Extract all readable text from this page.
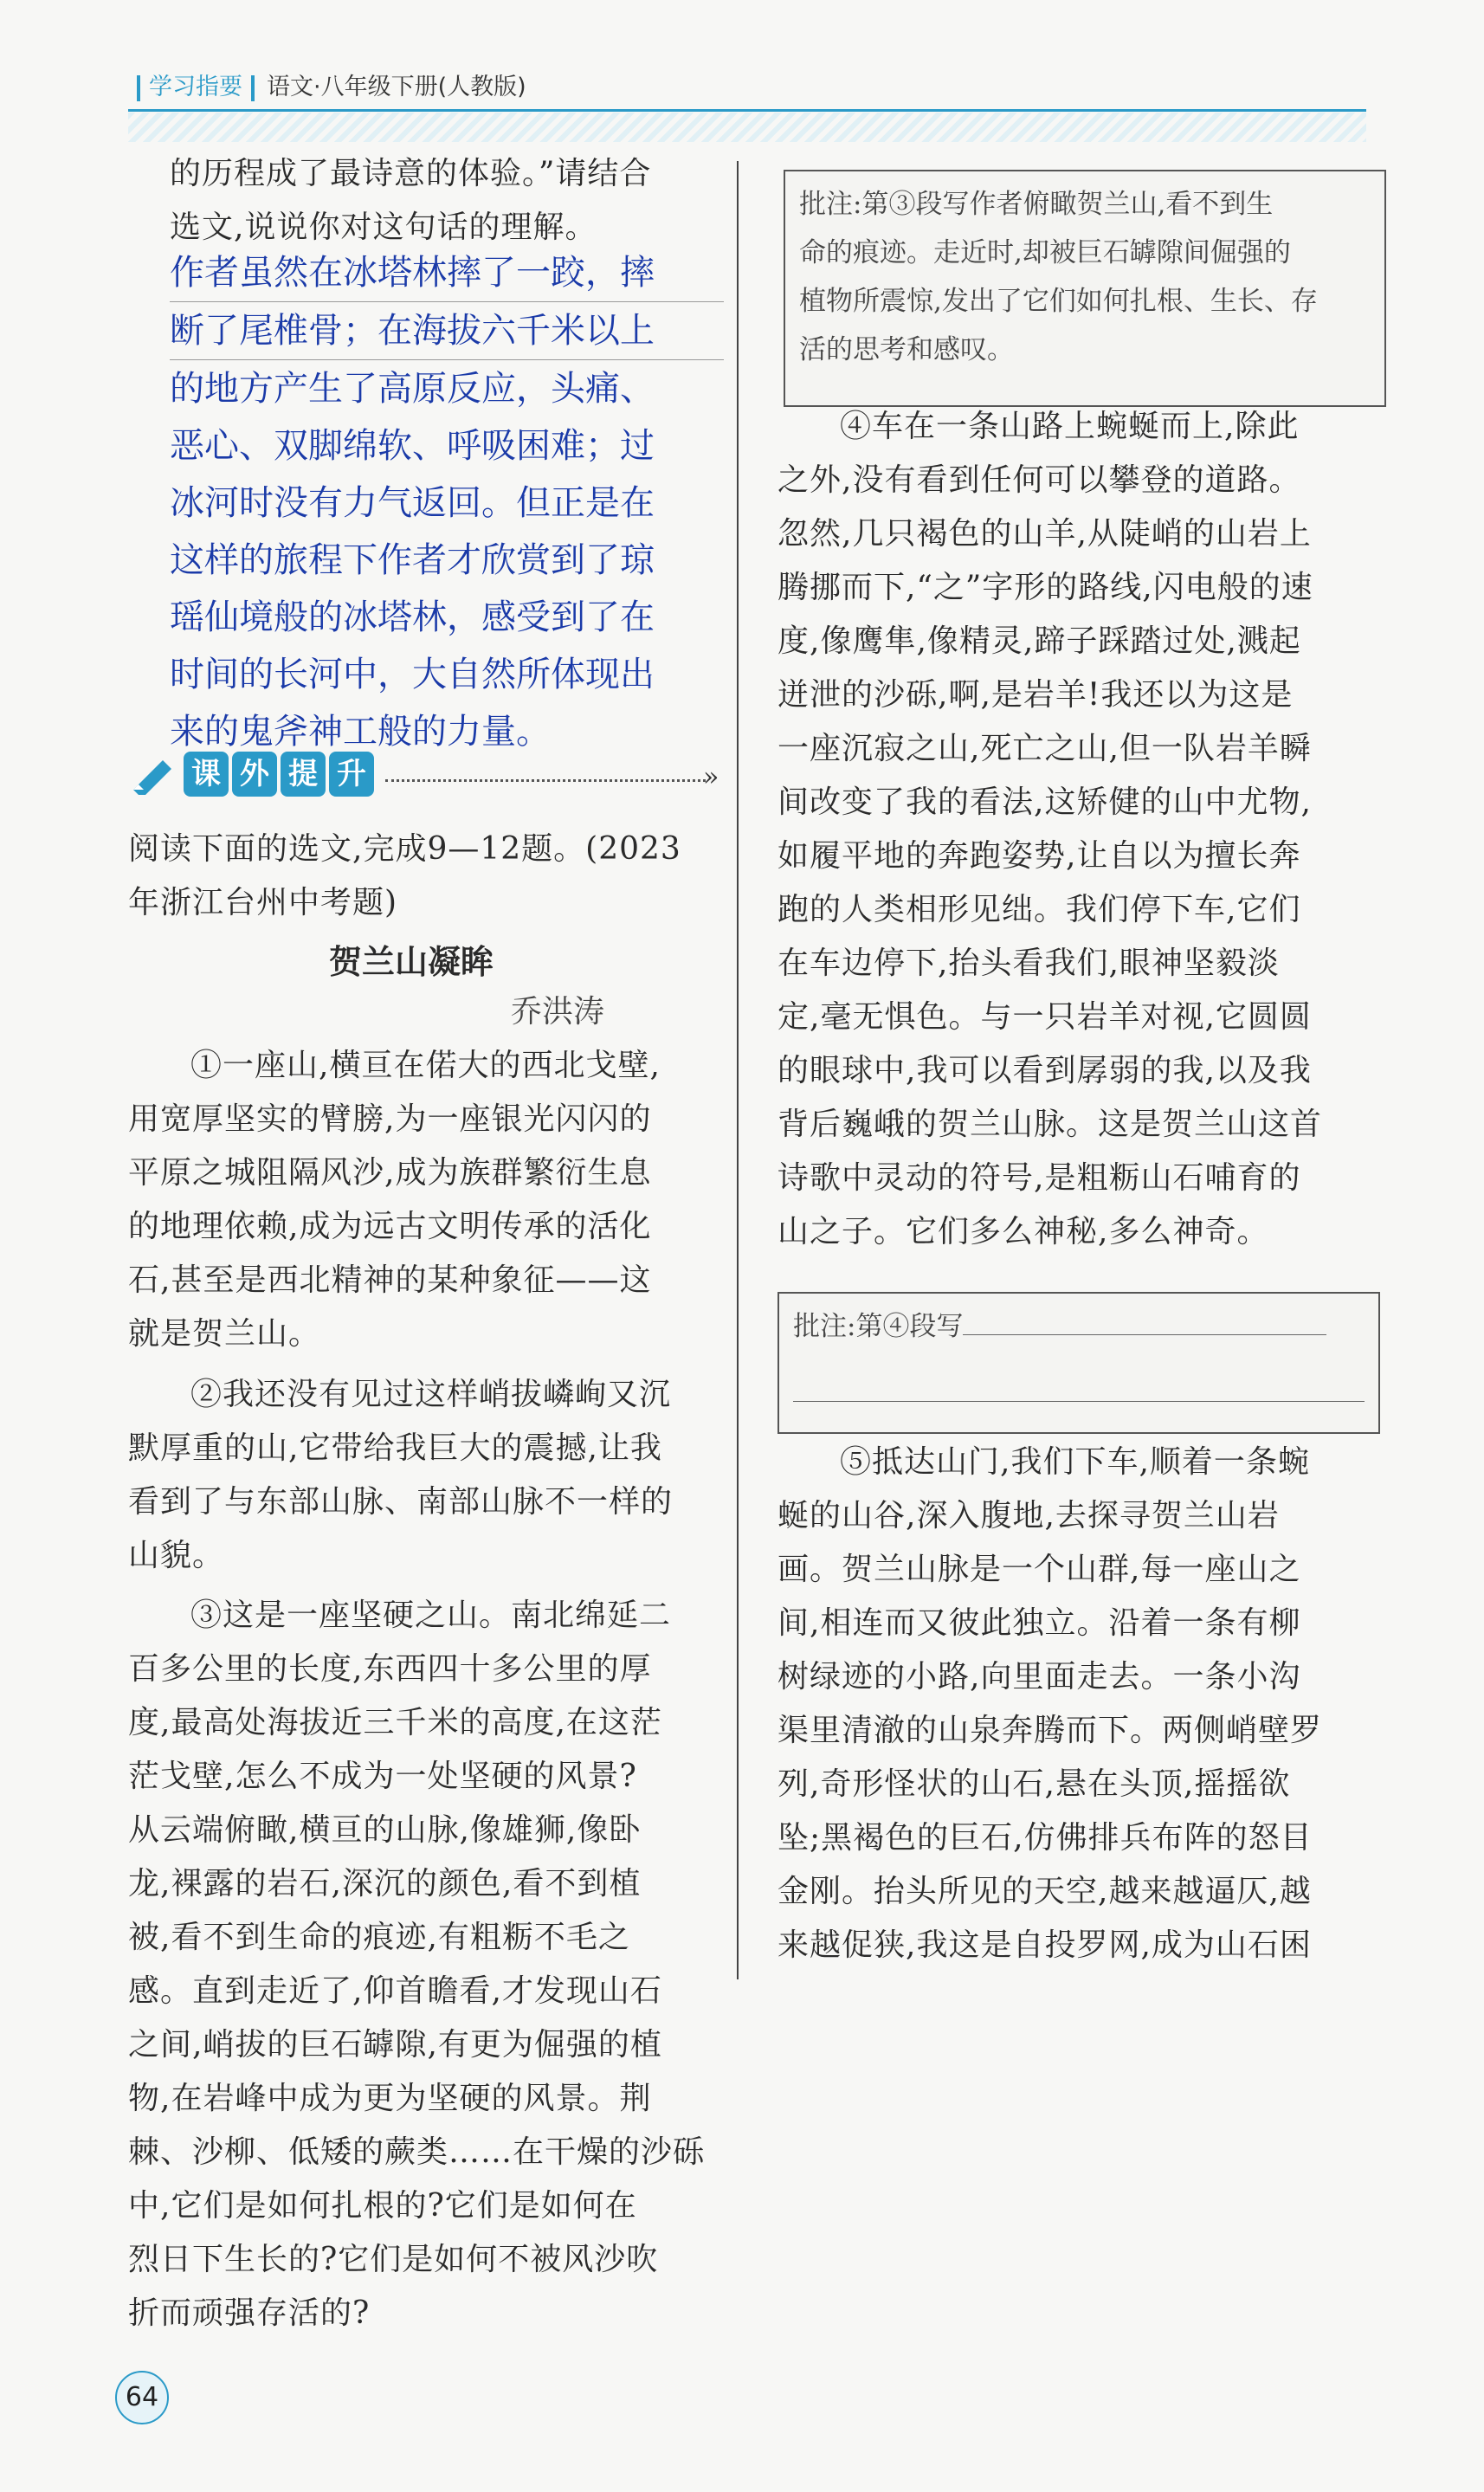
学习指要	语文·八年级下册(人教版)
的历程成了最诗意的体验。”请结合
选文,说说你对这句话的理解。
作者虽然在冰塔林摔了一跤，摔
断了尾椎骨；在海拔六千米以上
的地方产生了高原反应，头痛、
恶心、双脚绵软、呼吸困难；过
冰河时没有力气返回。但正是在
这样的旅程下作者才欣赏到了琼
瑶仙境般的冰塔林，感受到了在
时间的长河中，大自然所体现出
来的鬼斧神工般的力量。
课 外 提 升	»
阅读下面的选文,完成9—12题。(2023
年浙江台州中考题)
贺兰山凝眸
乔洪涛
①一座山,横亘在偌大的西北戈壁,
用宽厚坚实的臂膀,为一座银光闪闪的
平原之城阻隔风沙,成为族群繁衍生息
的地理依赖,成为远古文明传承的活化
石,甚至是西北精神的某种象征——这
就是贺兰山。
②我还没有见过这样峭拔嶙峋又沉
默厚重的山,它带给我巨大的震撼,让我
看到了与东部山脉、南部山脉不一样的
山貌。
③这是一座坚硬之山。南北绵延二
百多公里的长度,东西四十多公里的厚
度,最高处海拔近三千米的高度,在这茫
茫戈壁,怎么不成为一处坚硬的风景?
从云端俯瞰,横亘的山脉,像雄狮,像卧
龙,裸露的岩石,深沉的颜色,看不到植
被,看不到生命的痕迹,有粗粝不毛之
感。直到走近了,仰首瞻看,才发现山石
之间,峭拔的巨石罅隙,有更为倔强的植
物,在岩峰中成为更为坚硬的风景。荆
棘、沙柳、低矮的蕨类……在干燥的沙砾
中,它们是如何扎根的?它们是如何在
烈日下生长的?它们是如何不被风沙吹
折而顽强存活的?
批注:第③段写作者俯瞰贺兰山,看不到生
命的痕迹。走近时,却被巨石罅隙间倔强的
植物所震惊,发出了它们如何扎根、生长、存
活的思考和感叹。
④车在一条山路上蜿蜒而上,除此
之外,没有看到任何可以攀登的道路。
忽然,几只褐色的山羊,从陡峭的山岩上
腾挪而下,“之”字形的路线,闪电般的速
度,像鹰隼,像精灵,蹄子踩踏过处,溅起
迸泄的沙砾,啊,是岩羊!我还以为这是
一座沉寂之山,死亡之山,但一队岩羊瞬
间改变了我的看法,这矫健的山中尤物,
如履平地的奔跑姿势,让自以为擅长奔
跑的人类相形见绌。我们停下车,它们
在车边停下,抬头看我们,眼神坚毅淡
定,毫无惧色。与一只岩羊对视,它圆圆
的眼球中,我可以看到孱弱的我,以及我
背后巍峨的贺兰山脉。这是贺兰山这首
诗歌中灵动的符号,是粗粝山石哺育的
山之子。它们多么神秘,多么神奇。
批注:第④段写
⑤抵达山门,我们下车,顺着一条蜿
蜒的山谷,深入腹地,去探寻贺兰山岩
画。贺兰山脉是一个山群,每一座山之
间,相连而又彼此独立。沿着一条有柳
树绿迹的小路,向里面走去。一条小沟
渠里清澈的山泉奔腾而下。两侧峭壁罗
列,奇形怪状的山石,悬在头顶,摇摇欲
坠;黑褐色的巨石,仿佛排兵布阵的怒目
金刚。抬头所见的天空,越来越逼仄,越
来越促狭,我这是自投罗网,成为山石困
64
